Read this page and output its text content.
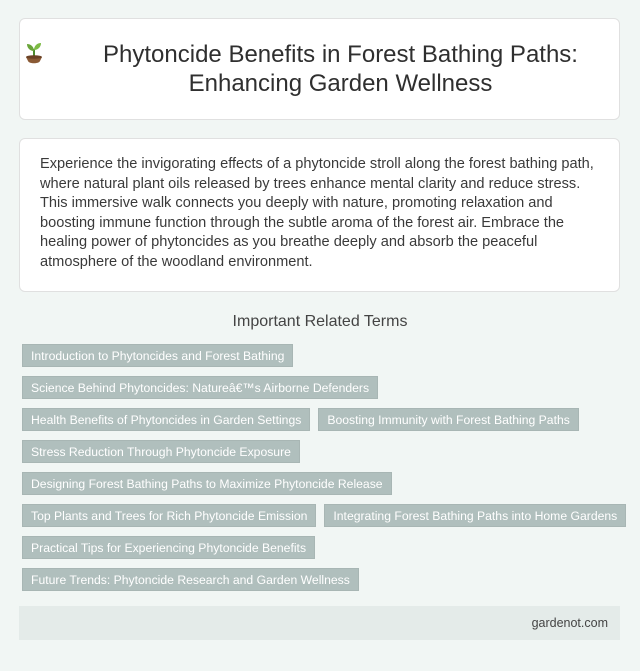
Phytoncide Benefits in Forest Bathing Paths: Enhancing Garden Wellness

Experience the invigorating effects of a phytoncide stroll along the forest bathing path, where natural plant oils released by trees enhance mental clarity and reduce stress. This immersive walk connects you deeply with nature, promoting relaxation and boosting immune function through the subtle aroma of the forest air. Embrace the healing power of phytoncides as you breathe deeply and absorb the peaceful atmosphere of the woodland environment.

Important Related Terms
Introduction to Phytoncides and Forest Bathing
Science Behind Phytoncides: Natureâ€™s Airborne Defenders
Health Benefits of Phytoncides in Garden Settings	Boosting Immunity with Forest Bathing Paths
Stress Reduction Through Phytoncide Exposure
Designing Forest Bathing Paths to Maximize Phytoncide Release
Top Plants and Trees for Rich Phytoncide Emission	Integrating Forest Bathing Paths into Home Gardens
Practical Tips for Experiencing Phytoncide Benefits
Future Trends: Phytoncide Research and Garden Wellness
gardenot.com
